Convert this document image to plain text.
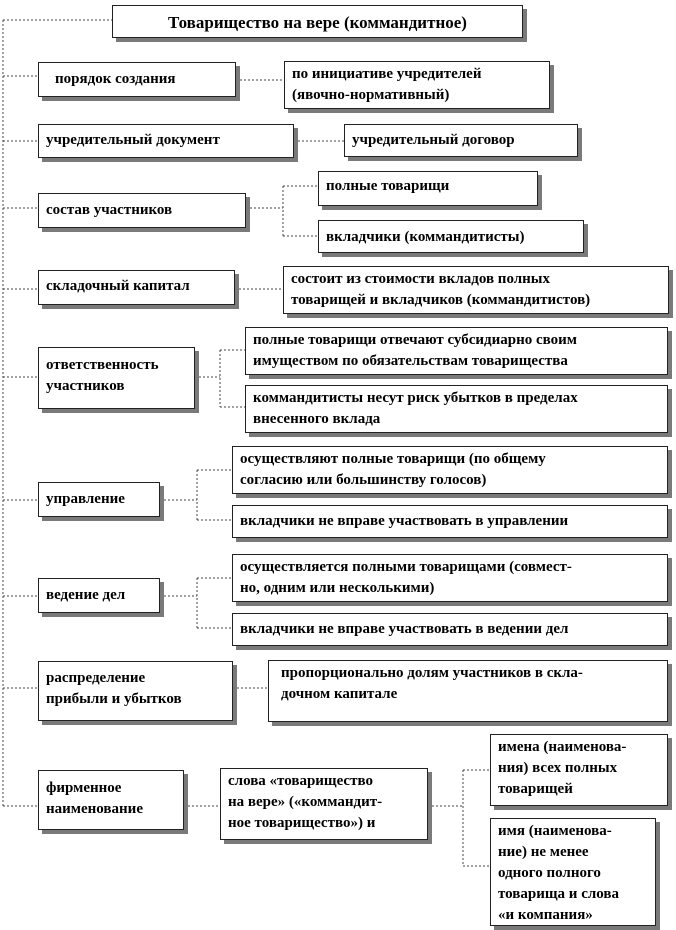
Товарищество на вере (коммандитное)
порядок создания	по инициативе учредителей
(явочно-нормативный)
учредительный документ	учредительный договор
состав участников
полные товарищи
вкладчики (коммандитисты)
складочный капитал	состоит из стоимости вкладов полных
товарищей и вкладчиков (коммандитистов)
ответственность
участников
полные товарищи отвечают субсидиарно своим
имуществом по обязательствам товарищества
коммандитисты несут риск убытков в пределах
внесенного вклада
управление
осуществляют полные товарищи (по общему
согласию или большинству голосов)
вкладчики не вправе участвовать в управлении
ведение дел
осуществляется полными товарищами (совмест-
но, одним или несколькими)
вкладчики не вправе участвовать в ведении дел
распределение
прибыли и убытков
пропорционально долям участников в скла-
дочном капитале
фирменное
наименование
слова «товарищество
на вере» («коммандит-
ное товарищество») и
имена (наименова-
ния) всех полных
товарищей
имя (наименова-
ние) не менее
одного полного
товарища и слова
«и компания»
